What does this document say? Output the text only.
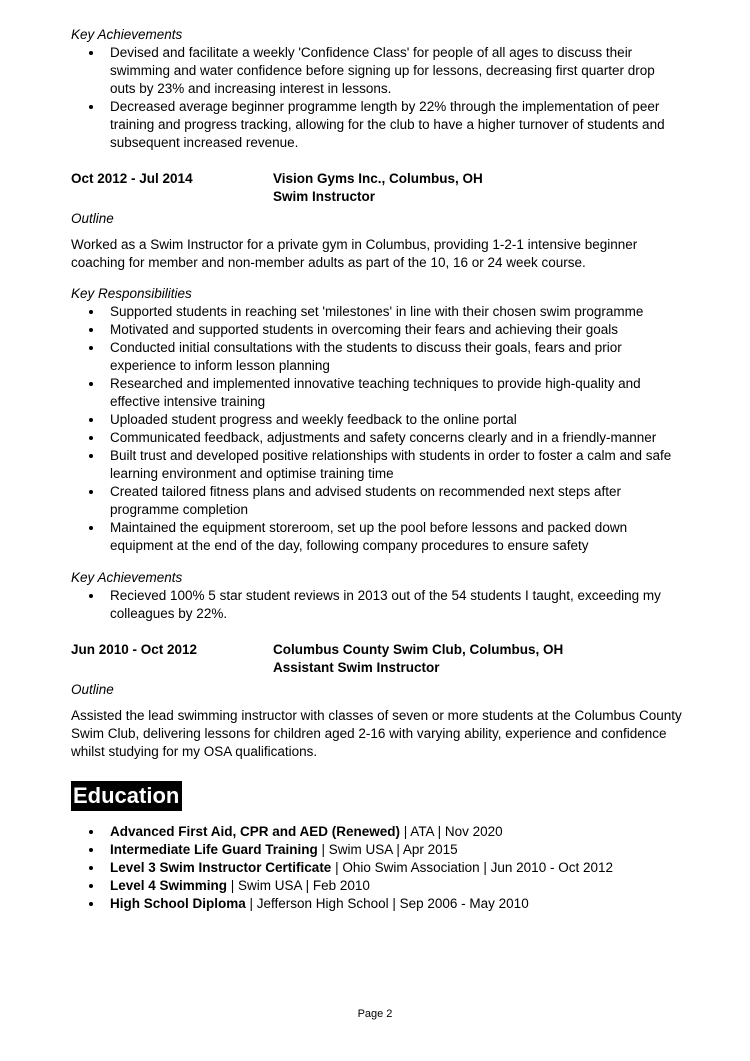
Key Achievements

Devised and facilitate a weekly 'Confidence Class' for people of all ages to discuss their swimming and water confidence before signing up for lessons, decreasing first quarter drop outs by 23% and increasing interest in lessons.
Decreased average beginner programme length by 22% through the implementation of peer training and progress tracking, allowing for the club to have a higher turnover of students and subsequent increased revenue.
Oct 2012 - Jul 2014	Vision Gyms Inc., Columbus, OH
Swim Instructor

Outline

Worked as a Swim Instructor for a private gym in Columbus, providing 1-2-1 intensive beginner coaching for member and non-member adults as part of the 10, 16 or 24 week course.

Key Responsibilities

Supported students in reaching set 'milestones' in line with their chosen swim programme
Motivated and supported students in overcoming their fears and achieving their goals
Conducted initial consultations with the students to discuss their goals, fears and prior experience to inform lesson planning
Researched and implemented innovative teaching techniques to provide high-quality and effective intensive training
Uploaded student progress and weekly feedback to the online portal
Communicated feedback, adjustments and safety concerns clearly and in a friendly-manner
Built trust and developed positive relationships with students in order to foster a calm and safe learning environment and optimise training time
Created tailored fitness plans and advised students on recommended next steps after programme completion
Maintained the equipment storeroom, set up the pool before lessons and packed down equipment at the end of the day, following company procedures to ensure safety

Key Achievements

Recieved 100% 5 star student reviews in 2013 out of the 54 students I taught, exceeding my colleagues by 22%.
Jun 2010 - Oct 2012	Columbus County Swim Club, Columbus, OH
Assistant Swim Instructor

Outline

Assisted the lead swimming instructor with classes of seven or more students at the Columbus County Swim Club, delivering lessons for children aged 2-16 with varying ability, experience and confidence whilst studying for my OSA qualifications.

Education
Advanced First Aid, CPR and AED (Renewed) | ATA | Nov 2020
Intermediate Life Guard Training | Swim USA | Apr 2015
Level 3 Swim Instructor Certificate | Ohio Swim Association | Jun 2010 - Oct 2012
Level 4 Swimming | Swim USA | Feb 2010
High School Diploma | Jefferson High School | Sep 2006 - May 2010
Page 2
